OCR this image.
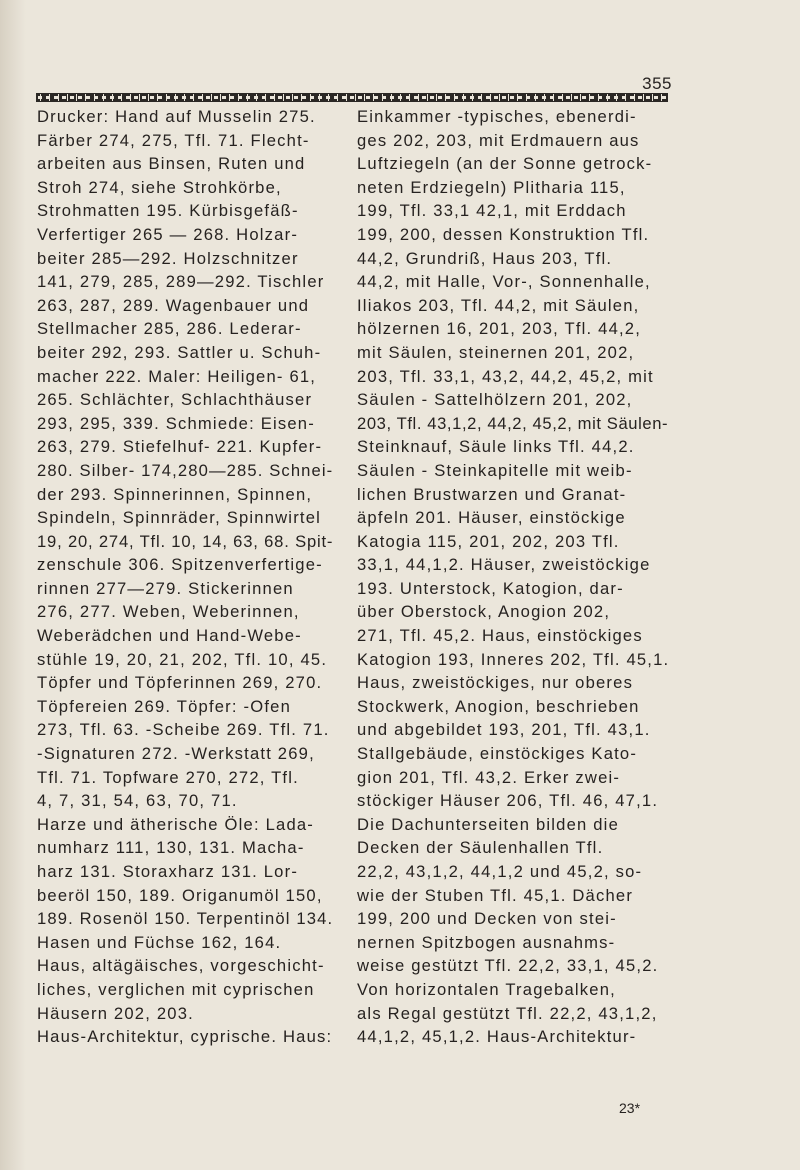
355
Drucker: Hand auf Musselin 275.
Färber 274, 275, Tfl. 71. Flecht-
arbeiten aus Binsen, Ruten und
Stroh 274, siehe Strohkörbe,
Strohmatten 195. Kürbisgefäß-
Verfertiger 265 — 268. Holzar-
beiter 285—292. Holzschnitzer
141, 279, 285, 289—292. Tischler
263, 287, 289. Wagenbauer und
Stellmacher 285, 286. Lederar-
beiter 292, 293. Sattler u. Schuh-
macher 222. Maler: Heiligen- 61,
265. Schlächter, Schlachthäuser
293, 295, 339. Schmiede: Eisen-
263, 279. Stiefelhuf- 221. Kupfer-
280. Silber- 174,280—285. Schnei-
der 293. Spinnerinnen, Spinnen,
Spindeln, Spinnräder, Spinnwirtel
19, 20, 274, Tfl. 10, 14, 63, 68. Spit-
zenschule 306. Spitzenverfertige-
rinnen 277—279. Stickerinnen
276, 277. Weben, Weberinnen,
Weberädchen und Hand-Webe-
stühle 19, 20, 21, 202, Tfl. 10, 45.
Töpfer und Töpferinnen 269, 270.
Töpfereien 269. Töpfer: -Ofen
273, Tfl. 63. -Scheibe 269. Tfl. 71.
-Signaturen 272. -Werkstatt 269,
Tfl. 71. Topfware 270, 272, Tfl.
4, 7, 31, 54, 63, 70, 71.
Harze und ätherische Öle: Lada-
numharz 111, 130, 131. Macha-
harz 131. Storaxharz 131. Lor-
beeröl 150, 189. Origanumöl 150,
189. Rosenöl 150. Terpentinöl 134.
Hasen und Füchse 162, 164.
Haus, altägäisches, vorgeschicht-
liches, verglichen mit cyprischen
Häusern 202, 203.
Haus-Architektur, cyprische. Haus:
Einkammer -typisches, ebenerdi-
ges 202, 203, mit Erdmauern aus
Luftziegeln (an der Sonne getrock-
neten Erdziegeln) Plitharia 115,
199, Tfl. 33,1 42,1, mit Erddach
199, 200, dessen Konstruktion Tfl.
44,2, Grundriß, Haus 203, Tfl.
44,2, mit Halle, Vor-, Sonnenhalle,
Iliakos 203, Tfl. 44,2, mit Säulen,
hölzernen 16, 201, 203, Tfl. 44,2,
mit Säulen, steinernen 201, 202,
203, Tfl. 33,1, 43,2, 44,2, 45,2, mit
Säulen - Sattelhölzern 201, 202,
203, Tfl. 43,1,2, 44,2, 45,2, mit Säulen-
Steinknauf, Säule links Tfl. 44,2.
Säulen - Steinkapitelle mit weib-
lichen Brustwarzen und Granat-
äpfeln 201. Häuser, einstöckige
Katogia 115, 201, 202, 203 Tfl.
33,1, 44,1,2. Häuser, zweistöckige
193. Unterstock, Katogion, dar-
über Oberstock, Anogion 202,
271, Tfl. 45,2. Haus, einstöckiges
Katogion 193, Inneres 202, Tfl. 45,1.
Haus, zweistöckiges, nur oberes
Stockwerk, Anogion, beschrieben
und abgebildet 193, 201, Tfl. 43,1.
Stallgebäude, einstöckiges Kato-
gion 201, Tfl. 43,2. Erker zwei-
stöckiger Häuser 206, Tfl. 46, 47,1.
Die Dachunterseiten bilden die
Decken der Säulenhallen Tfl.
22,2, 43,1,2, 44,1,2 und 45,2, so-
wie der Stuben Tfl. 45,1. Dächer
199, 200 und Decken von stei-
nernen Spitzbogen ausnahms-
weise gestützt Tfl. 22,2, 33,1, 45,2.
Von horizontalen Tragebalken,
als Regal gestützt Tfl. 22,2, 43,1,2,
44,1,2, 45,1,2. Haus-Architektur-
23*
